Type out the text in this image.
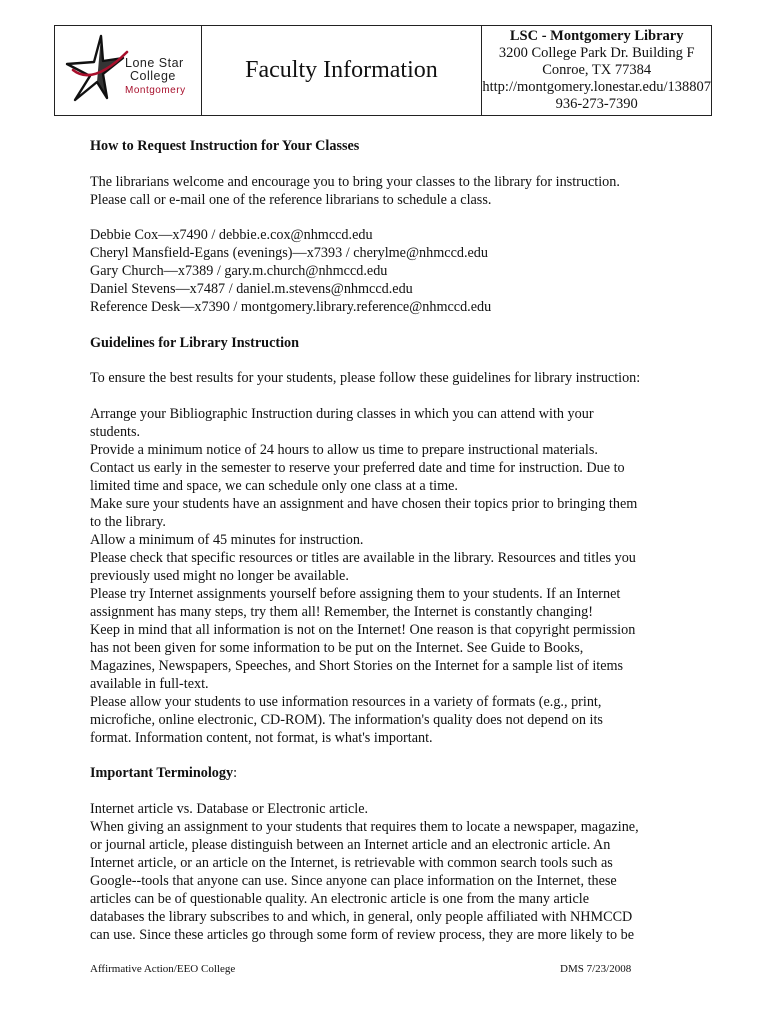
Lone Star
College
Montgomery
Faculty Information
LSC - Montgomery Library
3200 College Park Dr. Building F
Conroe, TX 77384
http://montgomery.lonestar.edu/138807
936-273-7390

How to Request Instruction for Your Classes

The librarians welcome and encourage you to bring your classes to the library for instruction.

Please call or e-mail one of the reference librarians to schedule a class.

Debbie Cox—x7490 / debbie.e.cox@nhmccd.edu

Cheryl Mansfield-Egans (evenings)—x7393 / cherylme@nhmccd.edu

Gary Church—x7389 / gary.m.church@nhmccd.edu

Daniel Stevens—x7487 / daniel.m.stevens@nhmccd.edu

Reference Desk—x7390 / montgomery.library.reference@nhmccd.edu

Guidelines for Library Instruction

To ensure the best results for your students, please follow these guidelines for library instruction:

Arrange your Bibliographic Instruction during classes in which you can attend with your

students.

Provide a minimum notice of 24 hours to allow us time to prepare instructional materials.

Contact us early in the semester to reserve your preferred date and time for instruction. Due to

limited time and space, we can schedule only one class at a time.

Make sure your students have an assignment and have chosen their topics prior to bringing them

to the library.

Allow a minimum of 45 minutes for instruction.

Please check that specific resources or titles are available in the library. Resources and titles you

previously used might no longer be available.

Please try Internet assignments yourself before assigning them to your students. If an Internet

assignment has many steps, try them all! Remember, the Internet is constantly changing!

Keep in mind that all information is not on the Internet! One reason is that copyright permission

has not been given for some information to be put on the Internet. See Guide to Books,

Magazines, Newspapers, Speeches, and Short Stories on the Internet for a sample list of items

available in full-text.

Please allow your students to use information resources in a variety of formats (e.g., print,

microfiche, online electronic, CD-ROM). The information's quality does not depend on its

format. Information content, not format, is what's important.

Important Terminology:

Internet article vs. Database or Electronic article.

When giving an assignment to your students that requires them to locate a newspaper, magazine,

or journal article, please distinguish between an Internet article and an electronic article. An

Internet article, or an article on the Internet, is retrievable with common search tools such as

Google--tools that anyone can use. Since anyone can place information on the Internet, these

articles can be of questionable quality. An electronic article is one from the many article

databases the library subscribes to and which, in general, only people affiliated with NHMCCD

can use. Since these articles go through some form of review process, they are more likely to be

Affirmative Action/EEO College	DMS 7/23/2008
